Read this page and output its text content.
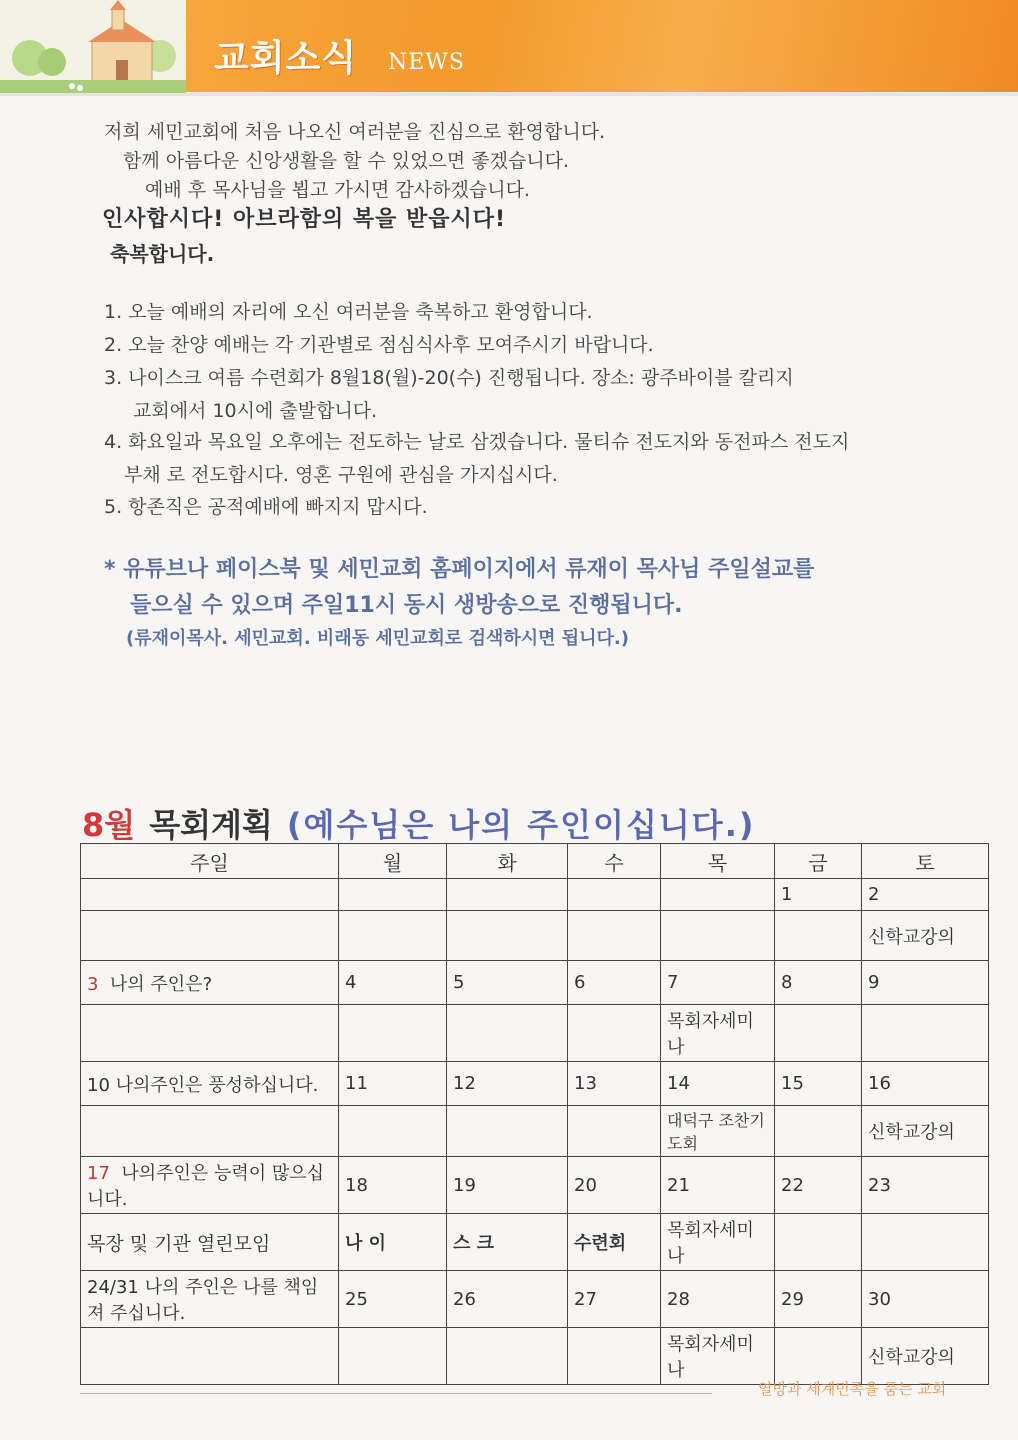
교회소식 NEWS

저희 세민교회에 처음 나오신 여러분을 진심으로 환영합니다.

함께 아름다운 신앙생활을 할 수 있었으면 좋겠습니다.

예배 후 목사님을 뵙고 가시면 감사하겠습니다.

인사합시다! 아브라함의 복을 받읍시다!

축복합니다.

1. 오늘 예배의 자리에 오신 여러분을 축복하고 환영합니다.

2. 오늘 찬양 예배는 각 기관별로 점심식사후 모여주시기 바랍니다.

3. 나이스크 여름 수련회가 8월18(월)-20(수) 진행됩니다. 장소: 광주바이블 칼리지

교회에서 10시에 출발합니다.

4. 화요일과 목요일 오후에는 전도하는 날로 삼겠습니다. 물티슈 전도지와 동전파스 전도지

부채 로 전도합시다. 영혼 구원에 관심을 가지십시다.

5. 항존직은 공적예배에 빠지지 맙시다.

* 유튜브나 페이스북 및 세민교회 홈페이지에서 류재이 목사님 주일설교를

들으실 수 있으며 주일11시 동시 생방송으로 진행됩니다.

(류재이목사. 세민교회. 비래동 세민교회로 검색하시면 됩니다.)

8월 목회계획 (예수님은 나의 주인이십니다.)
주일	월	화	수	목	금	토
					1	2
						신학교강의
3 나의 주인은?	4	5	6	7	8	9
				목회자세미나		
10 나의주인은 풍성하십니다.	11	12	13	14	15	16
				대덕구 조찬기도회		신학교강의
17 나의주인은 능력이 많으십니다.	18	19	20	21	22	23
목장 및 기관 열린모임	나 이	스 크	수련회	목회자세미나		
24/31 나의 주인은 나를 책임져 주십니다.	25	26	27	28	29	30
				목회자세미나		신학교강의
열방과 세계민족을 품는 교회
